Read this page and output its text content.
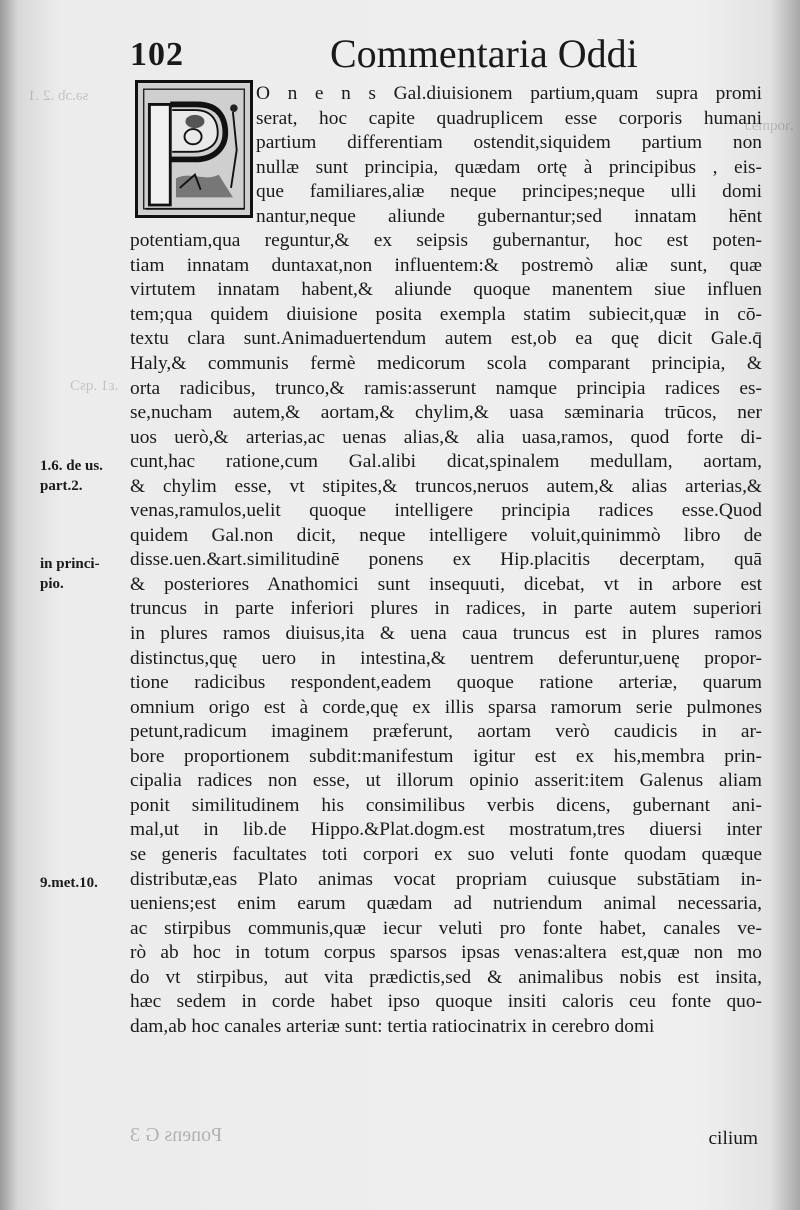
sə.ɔb .2 .1
.ɿoqmɘɔ
.ɛ1 .qsƆ
102	Commentaria Oddi
O n e n s Gal.diuisionem partium,quam supra promi
serat, hoc capite quadruplicem esse corporis humani
partium differentiam ostendit,siquidem partium non
nullæ sunt principia, quædam ortę à principibus , eis-
que familiares,aliæ neque principes;neque ulli domi
nantur,neque aliunde gubernantur;sed innatam hēnt
potentiam,qua reguntur,& ex seipsis gubernantur, hoc est poten-
tiam innatam duntaxat,non influentem:& postremò aliæ sunt, quæ
virtutem innatam habent,& aliunde quoque manentem siue influen
tem;qua quidem diuisione posita exempla statim subiecit,quæ in cō-
textu clara sunt.Animaduertendum autem est,ob ea quę dicit Gale.q̄
Haly,& communis fermè medicorum scola comparant principia, &
orta radicibus, trunco,& ramis:asserunt namque principia radices es-
se,nucham autem,& aortam,& chylim,& uasa sæminaria trūcos, ner
uos uerò,& arterias,ac uenas alias,& alia uasa,ramos, quod forte di-
cunt,hac ratione,cum Gal.alibi dicat,spinalem medullam, aortam,
& chylim esse, vt stipites,& truncos,neruos autem,& alias arterias,&
venas,ramulos,uelit quoque intelligere principia radices esse.Quod
quidem Gal.non dicit, neque intelligere voluit,quinimmò libro de
disse.uen.&art.similitudinē ponens ex Hip.placitis decerptam, quā
& posteriores Anathomici sunt insequuti, dicebat, vt in arbore est
truncus in parte inferiori plures in radices, in parte autem superiori
in plures ramos diuisus,ita & uena caua truncus est in plures ramos
distinctus,quę uero in intestina,& uentrem deferuntur,uenę propor-
tione radicibus respondent,eadem quoque ratione arteriæ, quarum
omnium origo est à corde,quę ex illis sparsa ramorum serie pulmones
petunt,radicum imaginem præferunt, aortam verò caudicis in ar-
bore proportionem subdit:manifestum igitur est ex his,membra prin-
cipalia radices non esse, ut illorum opinio asserit:item Galenus aliam
ponit similitudinem his consimilibus verbis dicens, gubernant ani-
mal,ut in lib.de Hippo.&Plat.dogm.est mostratum,tres diuersi inter
se generis facultates toti corpori ex suo veluti fonte quodam quæque
distributæ,eas Plato animas vocat propriam cuiusque substātiam in-
ueniens;est enim earum quædam ad nutriendum animal necessaria,
ac stirpibus communis,quæ iecur veluti pro fonte habet, canales ve-
rò ab hoc in totum corpus sparsos ipsas venas:altera est,quæ non mo
do vt stirpibus, aut vita prædictis,sed & animalibus nobis est insita,
hæc sedem in corde habet ipso quoque insiti caloris ceu fonte quo-
dam,ab hoc canales arteriæ sunt: tertia ratiocinatrix in cerebro domi
1.6. de us.
part.2.
in princi-
pio.
9.met.10.
Ponens G 3	cilium
